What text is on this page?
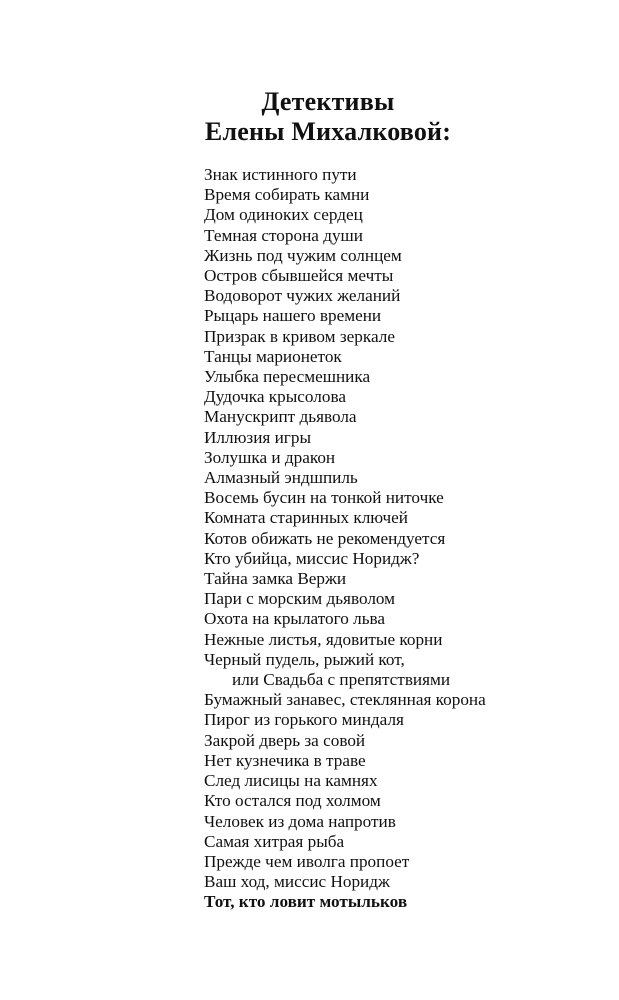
Детективы
Елены Михалковой:
Знак истинного пути
Время собирать камни
Дом одиноких сердец
Темная сторона души
Жизнь под чужим солнцем
Остров сбывшейся мечты
Водоворот чужих желаний
Рыцарь нашего времени
Призрак в кривом зеркале
Танцы марионеток
Улыбка пересмешника
Дудочка крысолова
Манускрипт дьявола
Иллюзия игры
Золушка и дракон
Алмазный эндшпиль
Восемь бусин на тонкой ниточке
Комната старинных ключей
Котов обижать не рекомендуется
Кто убийца, миссис Норидж?
Тайна замка Вержи
Пари с морским дьяволом
Охота на крылатого льва
Нежные листья, ядовитые корни
Черный пудель, рыжий кот,
или Свадьба с препятствиями
Бумажный занавес, стеклянная корона
Пирог из горького миндаля
Закрой дверь за совой
Нет кузнечика в траве
След лисицы на камнях
Кто остался под холмом
Человек из дома напротив
Самая хитрая рыба
Прежде чем иволга пропоет
Ваш ход, миссис Норидж
Тот, кто ловит мотыльков
